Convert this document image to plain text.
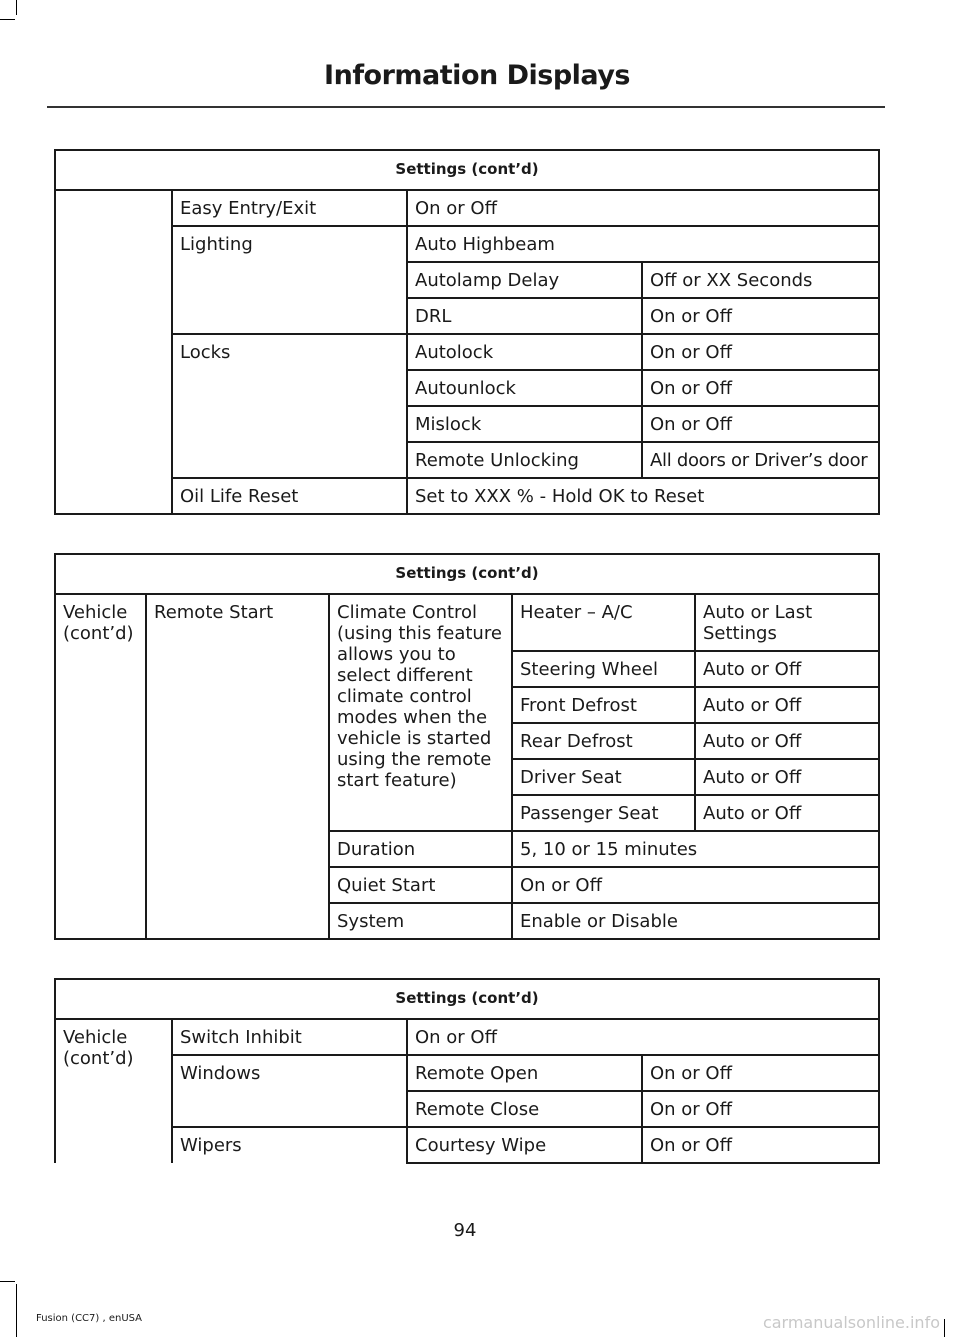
Information Displays
Settings (cont’d)			
	Easy Entry/Exit	On or Off	
	Lighting	Auto Highbeam	
		Autolamp Delay	Off or XX Seconds
		DRL	On or Off
	Locks	Autolock	On or Off
		Autounlock	On or Off
		Mislock	On or Off
		Remote Unlocking	All doors or Driver’s door
	Oil Life Reset	Set to XXX % - Hold OK to Reset	
Settings (cont’d)				
Vehicle (cont’d)	Remote Start	Climate Control (using this feature allows you to select different climate control modes when the vehicle is started using the remote start feature)	Heater – A/C	Auto or Last Settings
			Steering Wheel	Auto or Off
			Front Defrost	Auto or Off
			Rear Defrost	Auto or Off
			Driver Seat	Auto or Off
			Passenger Seat	Auto or Off
		Duration	5, 10 or 15 minutes	
		Quiet Start	On or Off	
		System	Enable or Disable	
Settings (cont’d)			
Vehicle (cont’d)	Switch Inhibit	On or Off	
	Windows	Remote Open	On or Off
		Remote Close	On or Off
	Wipers	Courtesy Wipe	On or Off
94
Fusion (CC7) , enUSA	carmanualsonline.info
